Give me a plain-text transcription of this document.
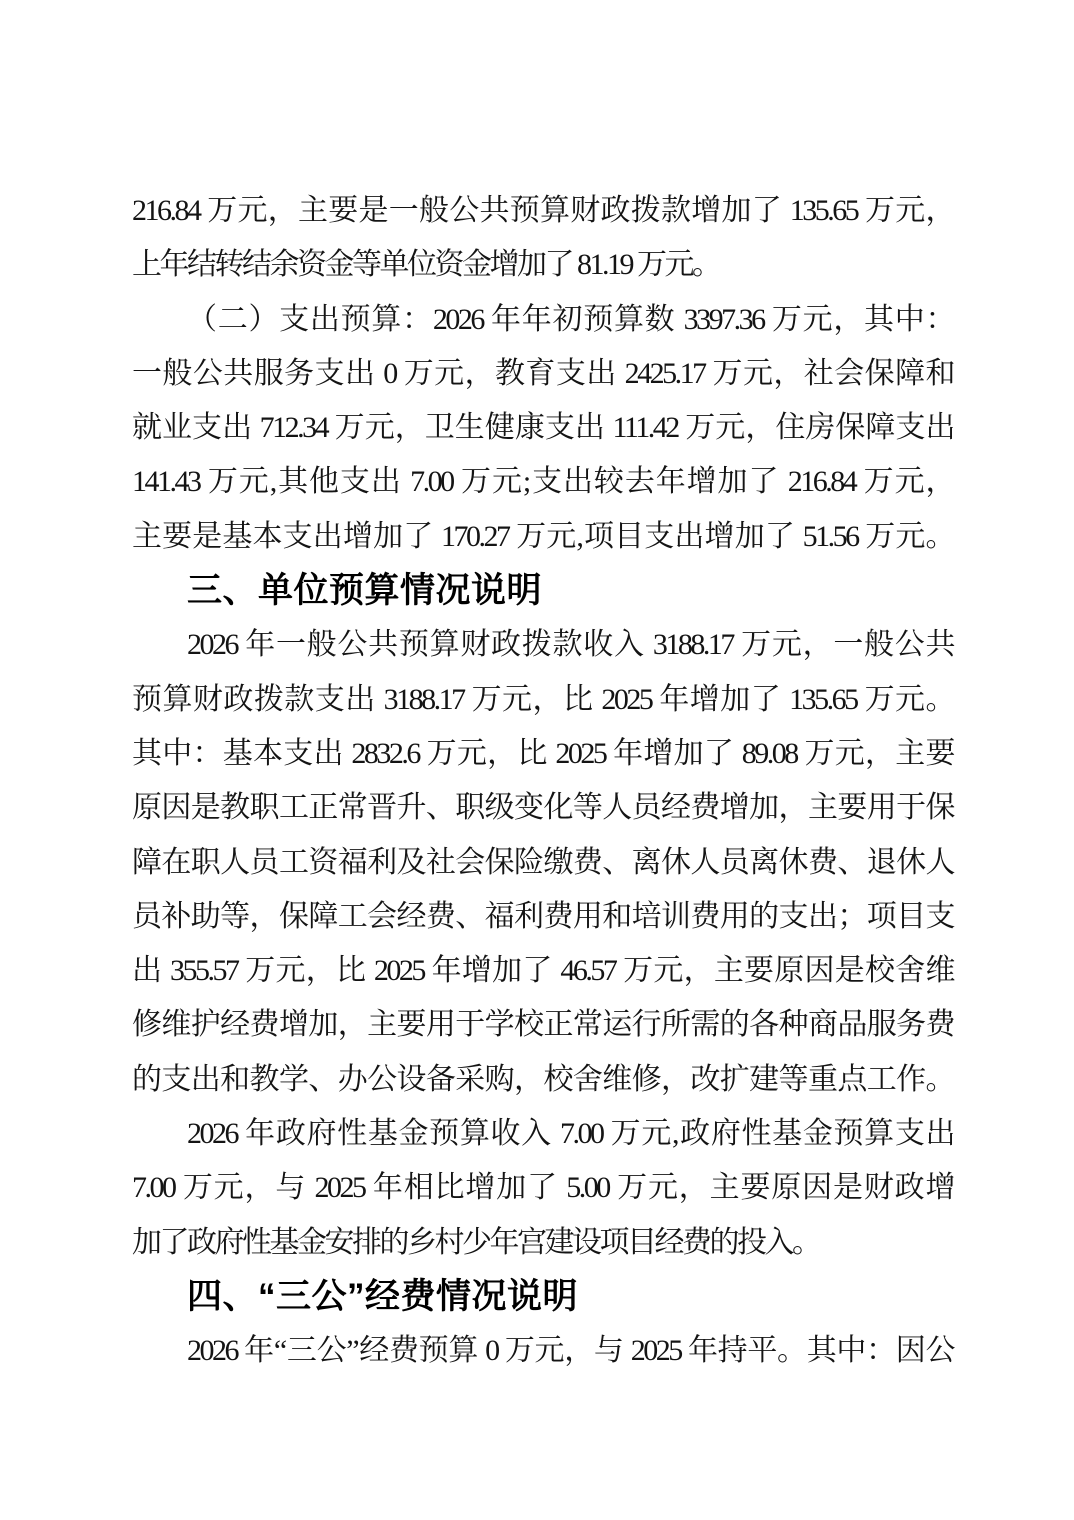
216.84 万元，主要是一般公共预算财政拨款增加了 135.65 万元，
上年结转结余资金等单位资金增加了 81.19 万元。
（二）支出预算：2026 年年初预算数 3397.36 万元，其中：
一般公共服务支出 0 万元，教育支出 2425.17 万元，社会保障和
就业支出 712.34 万元，卫生健康支出 111.42 万元，住房保障支出
141.43 万元,其他支出 7.00 万元;支出较去年增加了 216.84 万元，
主要是基本支出增加了 170.27 万元,项目支出增加了 51.56 万元。
三、单位预算情况说明
2026 年一般公共预算财政拨款收入 3188.17 万元，一般公共
预算财政拨款支出 3188.17 万元，比 2025 年增加了 135.65 万元。
其中：基本支出 2832.6 万元，比 2025 年增加了 89.08 万元，主要
原因是教职工正常晋升、职级变化等人员经费增加，主要用于保
障在职人员工资福利及社会保险缴费、离休人员离休费、退休人
员补助等，保障工会经费、福利费用和培训费用的支出；项目支
出 355.57 万元，比 2025 年增加了 46.57 万元，主要原因是校舍维
修维护经费增加，主要用于学校正常运行所需的各种商品服务费
的支出和教学、办公设备采购，校舍维修，改扩建等重点工作。
2026 年政府性基金预算收入 7.00 万元,政府性基金预算支出
7.00 万元，与 2025 年相比增加了 5.00 万元，主要原因是财政增
加了政府性基金安排的乡村少年宫建设项目经费的投入。
四、“三公”经费情况说明
2026 年“三公”经费预算 0 万元，与 2025 年持平。其中：因公
